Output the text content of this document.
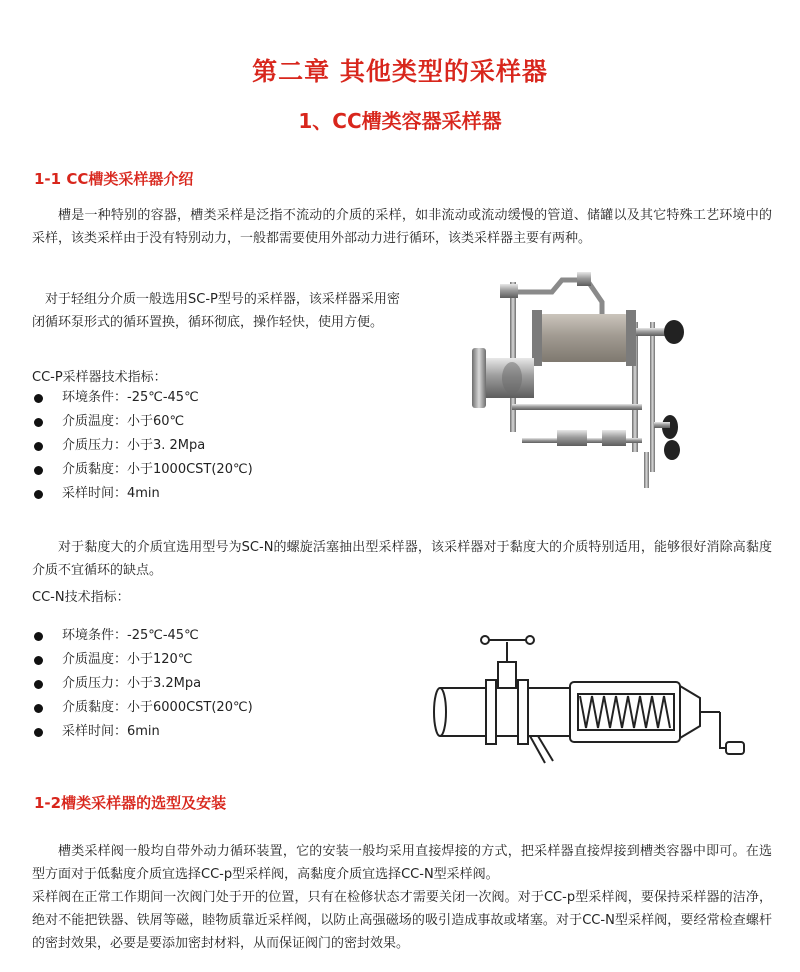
第二章 其他类型的采样器
1、CC槽类容器采样器
1-1 CC槽类采样器介绍

槽是一种特别的容器，槽类采样是泛指不流动的介质的采样，如非流动或流动缓慢的管道、储罐以及其它特殊工艺环境中的采样，该类采样由于没有特别动力，一般都需要使用外部动力进行循环，该类采样器主要有两种。

对于轻组分介质一般选用SC-P型号的采样器，该采样器采用密闭循环泵形式的循环置换，循环彻底，操作轻快，使用方便。

CC-P采样器技术指标：
环境条件：-25℃-45℃
介质温度：小于60℃
介质压力：小于3. 2Mpa
介质黏度：小于1000CST(20℃)
采样时间：4min

对于黏度大的介质宜选用型号为SC-N的螺旋活塞抽出型采样器，该采样器对于黏度大的介质特别适用，能够很好消除高黏度介质不宜循环的缺点。

CC-N技术指标：
环境条件：-25℃-45℃
介质温度：小于120℃
介质压力：小于3.2Mpa
介质黏度：小于6000CST(20℃)
采样时间：6min
1-2槽类采样器的选型及安装

槽类采样阀一般均自带外动力循环装置，它的安装一般均采用直接焊接的方式，把采样器直接焊接到槽类容器中即可。在选型方面对于低黏度介质宜选择CC-p型采样阀，高黏度介质宜选择CC-N型采样阀。

采样阀在正常工作期间一次阀门处于开的位置，只有在检修状态才需要关闭一次阀。对于CC-p型采样阀，要保持采样器的洁净，绝对不能把铁器、铁屑等磁，睦物质靠近采样阀，以防止高强磁场的吸引造成事故或堵塞。对于CC-N型采样阀，要经常检查螺杆的密封效果，必要是要添加密封材料，从而保证阀门的密封效果。
